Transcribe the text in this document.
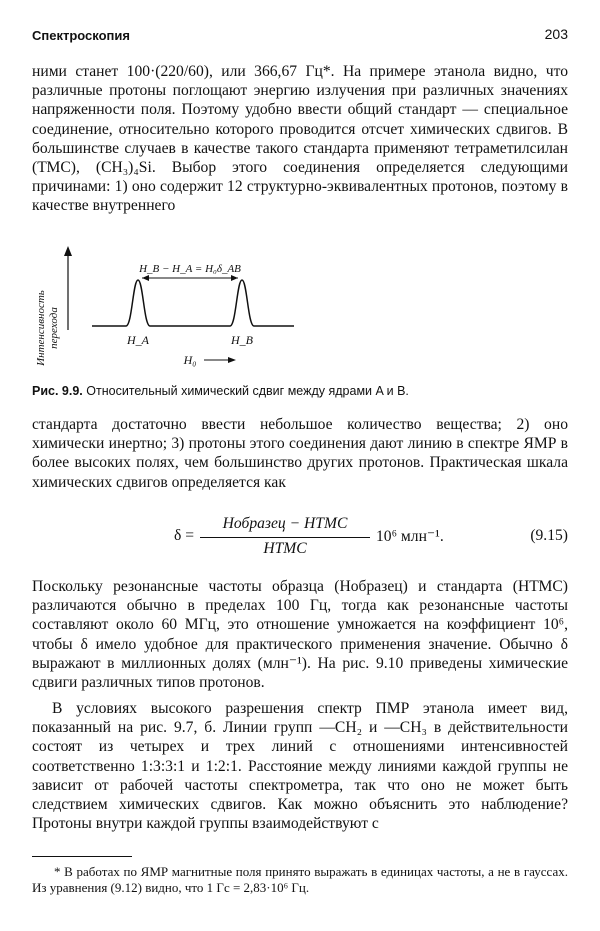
Спектроскопия	203

ними станет 100·(220/60), или 366,67 Гц*. На примере этанола видно, что различные протоны поглощают энергию излучения при различных значениях напряженности поля. Поэтому удобно ввести общий стандарт — специальное соединение, относительно которого проводится отсчет химических сдвигов. В большинстве случаев в качестве такого стандарта применяют тетраметилсилан (ТМС), (CH₃)₄Si. Выбор этого соединения определяется следующими причинами: 1) оно содержит 12 структурно-эквивалентных протонов, поэтому в качестве внутреннего

Интенсивность перехода
H_B − H_A = H₀δ_AB
H_A	H_B
H₀
Рис. 9.9. Относительный химический сдвиг между ядрами A и B.

стандарта достаточно ввести небольшое количество вещества; 2) оно химически инертно; 3) протоны этого соединения дают линию в спектре ЯМР в более высоких полях, чем большинство других протонов. Практическая шкала химических сдвигов определяется как

δ =
Hобразец − HТМС
HТМС
10⁶ млн⁻¹.	(9.15)

Поскольку резонансные частоты образца (Hобразец) и стандарта (HТМС) различаются обычно в пределах 100 Гц, тогда как резонансные частоты составляют около 60 МГц, это отношение умножается на коэффициент 10⁶, чтобы δ имело удобное для практического применения значение. Обычно δ выражают в миллионных долях (млн⁻¹). На рис. 9.10 приведены химические сдвиги различных типов протонов.

В условиях высокого разрешения спектр ПМР этанола имеет вид, показанный на рис. 9.7, б. Линии групп —CH₂ и —CH₃ в действительности состоят из четырех и трех линий с отношениями интенсивностей соответственно 1:3:3:1 и 1:2:1. Расстояние между линиями каждой группы не зависит от рабочей частоты спектрометра, так что оно не может быть следствием химических сдвигов. Как можно объяснить это наблюдение? Протоны внутри каждой группы взаимодействуют с

* В работах по ЯМР магнитные поля принято выражать в единицах частоты, а не в гауссах. Из уравнения (9.12) видно, что 1 Гс = 2,83·10⁶ Гц.
